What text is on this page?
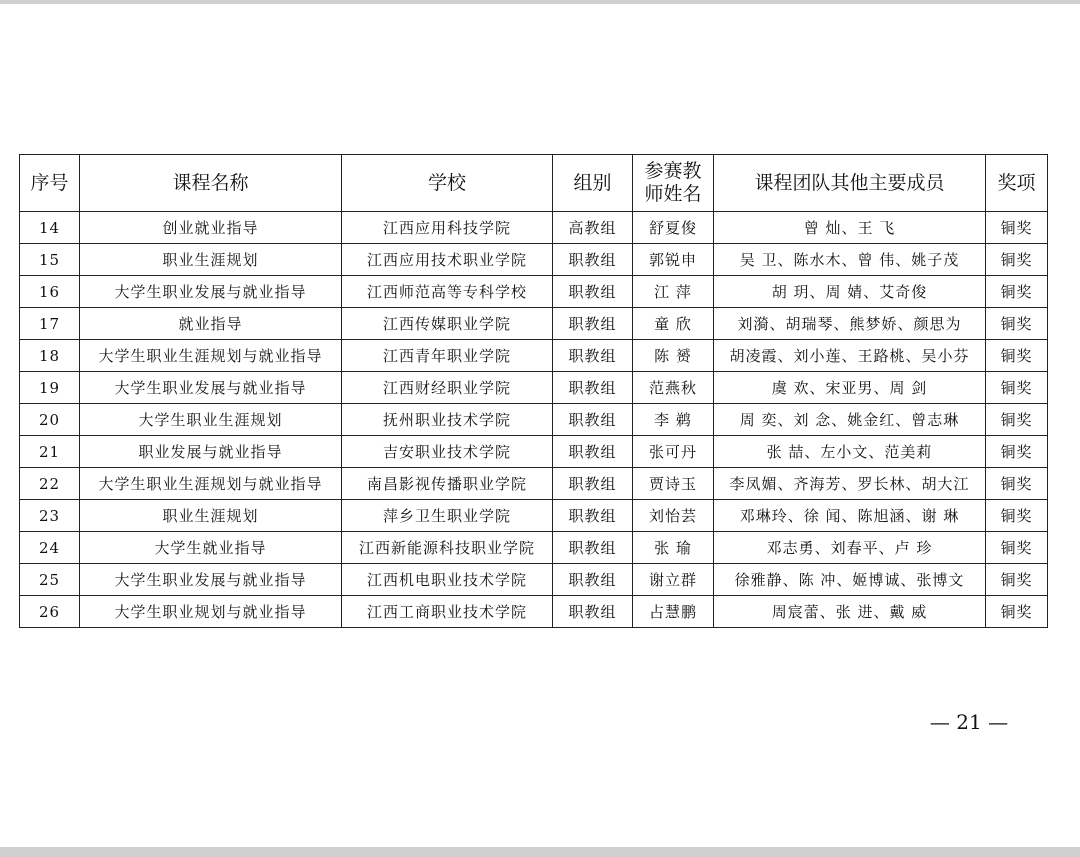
序号	课程名称	学校	组别	参赛教师姓名	课程团队其他主要成员	奖项
14	创业就业指导	江西应用科技学院	高教组	舒夏俊	曾 灿、王 飞	铜奖
15	职业生涯规划	江西应用技术职业学院	职教组	郭锐申	吴 卫、陈水木、曾 伟、姚子茂	铜奖
16	大学生职业发展与就业指导	江西师范高等专科学校	职教组	江 萍	胡 玥、周 婧、艾奇俊	铜奖
17	就业指导	江西传媒职业学院	职教组	童 欣	刘漪、胡瑞琴、熊梦娇、颜思为	铜奖
18	大学生职业生涯规划与就业指导	江西青年职业学院	职教组	陈 赟	胡凌霞、刘小莲、王路桃、吴小芬	铜奖
19	大学生职业发展与就业指导	江西财经职业学院	职教组	范燕秋	虞 欢、宋亚男、周 剑	铜奖
20	大学生职业生涯规划	抚州职业技术学院	职教组	李 鹈	周 奕、刘 念、姚金红、曾志琳	铜奖
21	职业发展与就业指导	吉安职业技术学院	职教组	张可丹	张 喆、左小文、范美莉	铜奖
22	大学生职业生涯规划与就业指导	南昌影视传播职业学院	职教组	贾诗玉	李凤媚、齐海芳、罗长林、胡大江	铜奖
23	职业生涯规划	萍乡卫生职业学院	职教组	刘怡芸	邓琳玲、徐 闻、陈旭涵、谢 琳	铜奖
24	大学生就业指导	江西新能源科技职业学院	职教组	张 瑜	邓志勇、刘春平、卢 珍	铜奖
25	大学生职业发展与就业指导	江西机电职业技术学院	职教组	谢立群	徐雅静、陈 冲、姬博诚、张博文	铜奖
26	大学生职业规划与就业指导	江西工商职业技术学院	职教组	占慧鹏	周宸蕾、张 进、戴 威	铜奖
— 21 —
